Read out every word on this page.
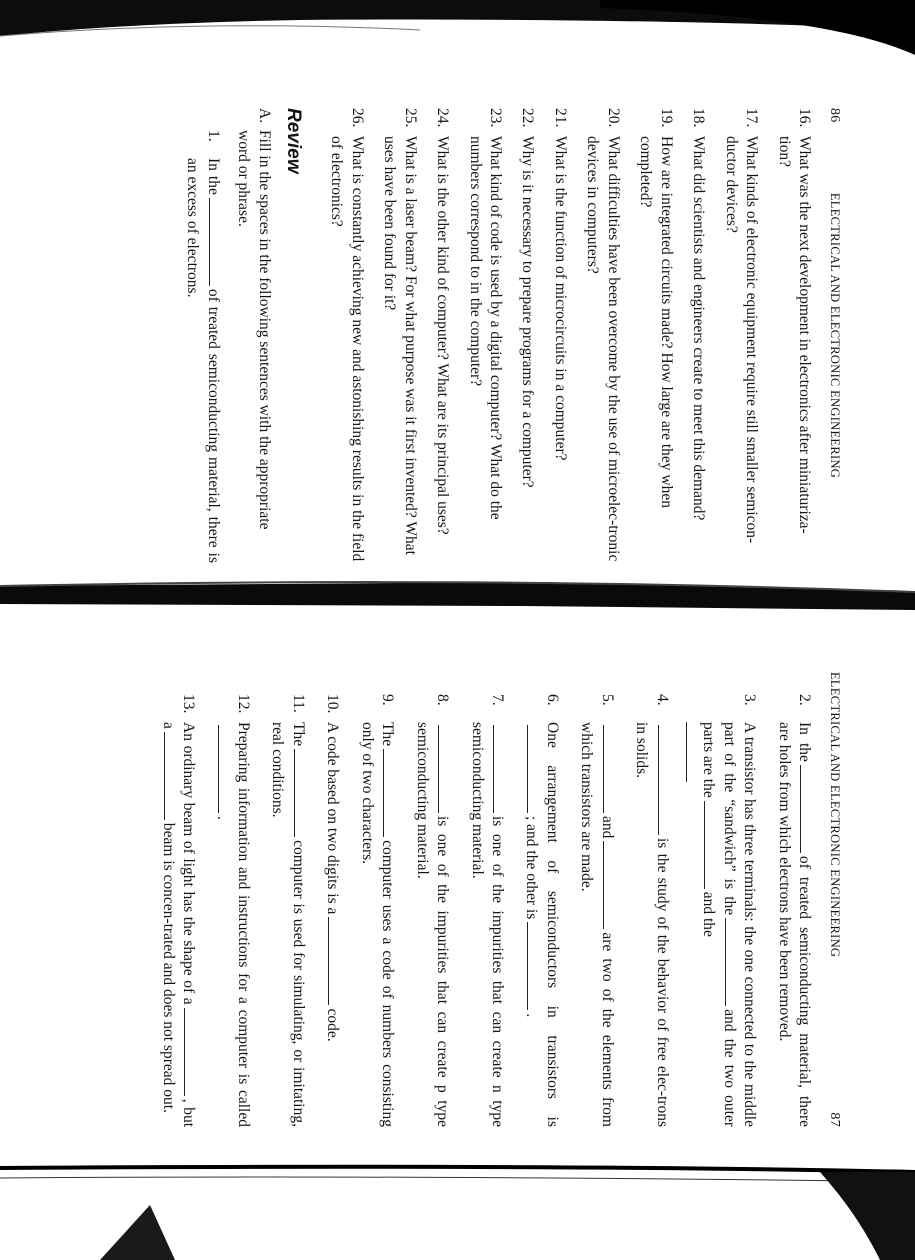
86
ELECTRICAL AND ELECTRONIC ENGINEERING
16.
What was the next development in electronics after miniaturiza-tion?
17.
What kinds of electronic equipment require still smaller semicon-ductor devices?
18.
What did scientists and engineers create to meet this demand?
19.
How are integrated circuits made? How large are they when completed?
20.
What difficulties have been overcome by the use of microelec-tronic devices in computers?
21.
What is the function of microcircuits in a computer?
22.
Why is it necessary to prepare programs for a computer?
23.
What kind of code is used by a digital computer? What do the numbers correspond to in the computer?
24.
What is the other kind of computer? What are its principal uses?
25.
What is a laser beam? For what purpose was it first invented? What uses have been found for it?
26.
What is constantly achieving new and astonishing results in the field of electronics?
Review
A.
Fill in the spaces in the following sentences with the appropriate word or phrase.
1.
In theof treated semiconducting material, there is an excess of electrons.
ELECTRICAL AND ELECTRONIC ENGINEERING
87
2.
In theof treated semiconducting material, there are holes from which electrons have been removed.
3.
A transistor has three terminals: the one connected to the middle part of the “sandwich” is theand the two outer parts are theand the
4.
is the study of the behavior of free elec-trons in solids.
5.
andare two of the elements from which transistors are made.
6.
One arrangement of semiconductors in transistors is; and the other is.
7.
is one of the impurities that can create n type semiconducting material.
8.
is one of the impurities that can create p type semiconducting material.
9.
Thecomputer uses a code of numbers consisting only of two characters.
10.
A code based on two digits is acode.
11.
Thecomputer is used for simulating, or imitating, real conditions.
12.
Preparing information and instructions for a computer is called.
13.
An ordinary beam of light has the shape of a, but abeam is concen-trated and does not spread out.
